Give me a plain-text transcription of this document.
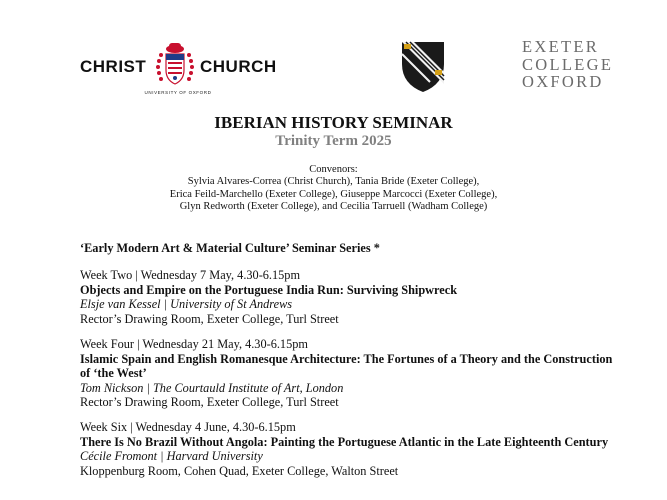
CHRIST	CHURCH
UNIVERSITY OF OXFORD
EXETER
COLLEGE
OXFORD
IBERIAN HISTORY SEMINAR
Trinity Term 2025
Convenors:
Sylvia Alvares-Correa (Christ Church), Tania Bride (Exeter College),
Erica Feild-Marchello (Exeter College), Giuseppe Marcocci (Exeter College),
Glyn Redworth (Exeter College), and Cecilia Tarruell (Wadham College)
‘Early Modern Art & Material Culture’ Seminar Series *
Week Two | Wednesday 7 May, 4.30-6.15pm
Objects and Empire on the Portuguese India Run: Surviving Shipwreck
Elsje van Kessel | University of St Andrews
Rector’s Drawing Room, Exeter College, Turl Street
Week Four | Wednesday 21 May, 4.30-6.15pm
Islamic Spain and English Romanesque Architecture: The Fortunes of a Theory and the Construction of ‘the West’
Tom Nickson | The Courtauld Institute of Art, London
Rector’s Drawing Room, Exeter College, Turl Street
Week Six | Wednesday 4 June, 4.30-6.15pm
There Is No Brazil Without Angola: Painting the Portuguese Atlantic in the Late Eighteenth Century
Cécile Fromont | Harvard University
Kloppenburg Room, Cohen Quad, Exeter College, Walton Street
